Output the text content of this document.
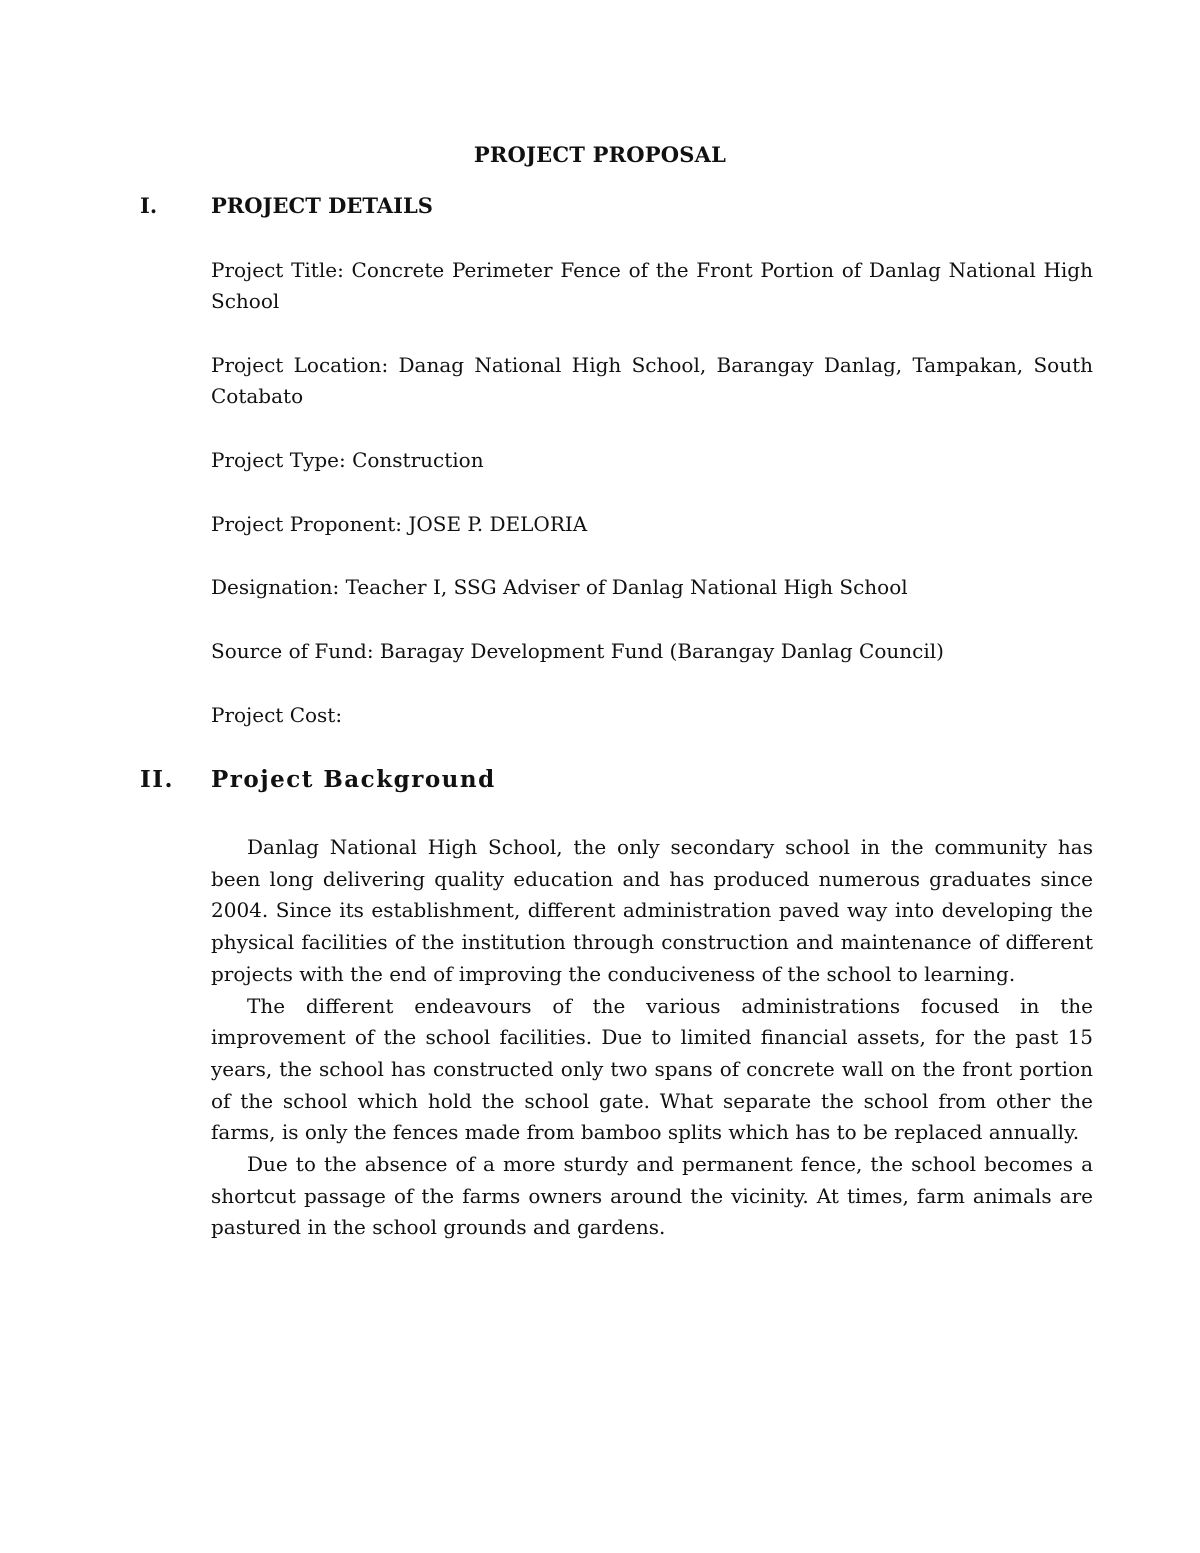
PROJECT PROPOSAL
I.	PROJECT DETAILS
Project Title: Concrete Perimeter Fence of the Front Portion of Danlag National High School
Project Location: Danag National High School, Barangay Danlag, Tampakan, South Cotabato
Project Type: Construction
Project Proponent: JOSE P. DELORIA
Designation: Teacher I, SSG Adviser of Danlag National High School
Source of Fund: Baragay Development Fund (Barangay Danlag Council)
Project Cost:
II. Project Background

Danlag National High School, the only secondary school in the community has been long delivering quality education and has produced numerous graduates since 2004. Since its establishment, different administration paved way into developing the physical facilities of the institution through construction and maintenance of different projects with the end of improving the conduciveness of the school to learning.

The different endeavours of the various administrations focused in the improvement of the school facilities. Due to limited financial assets, for the past 15 years, the school has constructed only two spans of concrete wall on the front portion of the school which hold the school gate. What separate the school from other the farms, is only the fences made from bamboo splits which has to be replaced annually.

Due to the absence of a more sturdy and permanent fence, the school becomes a shortcut passage of the farms owners around the vicinity. At times, farm animals are pastured in the school grounds and gardens.
